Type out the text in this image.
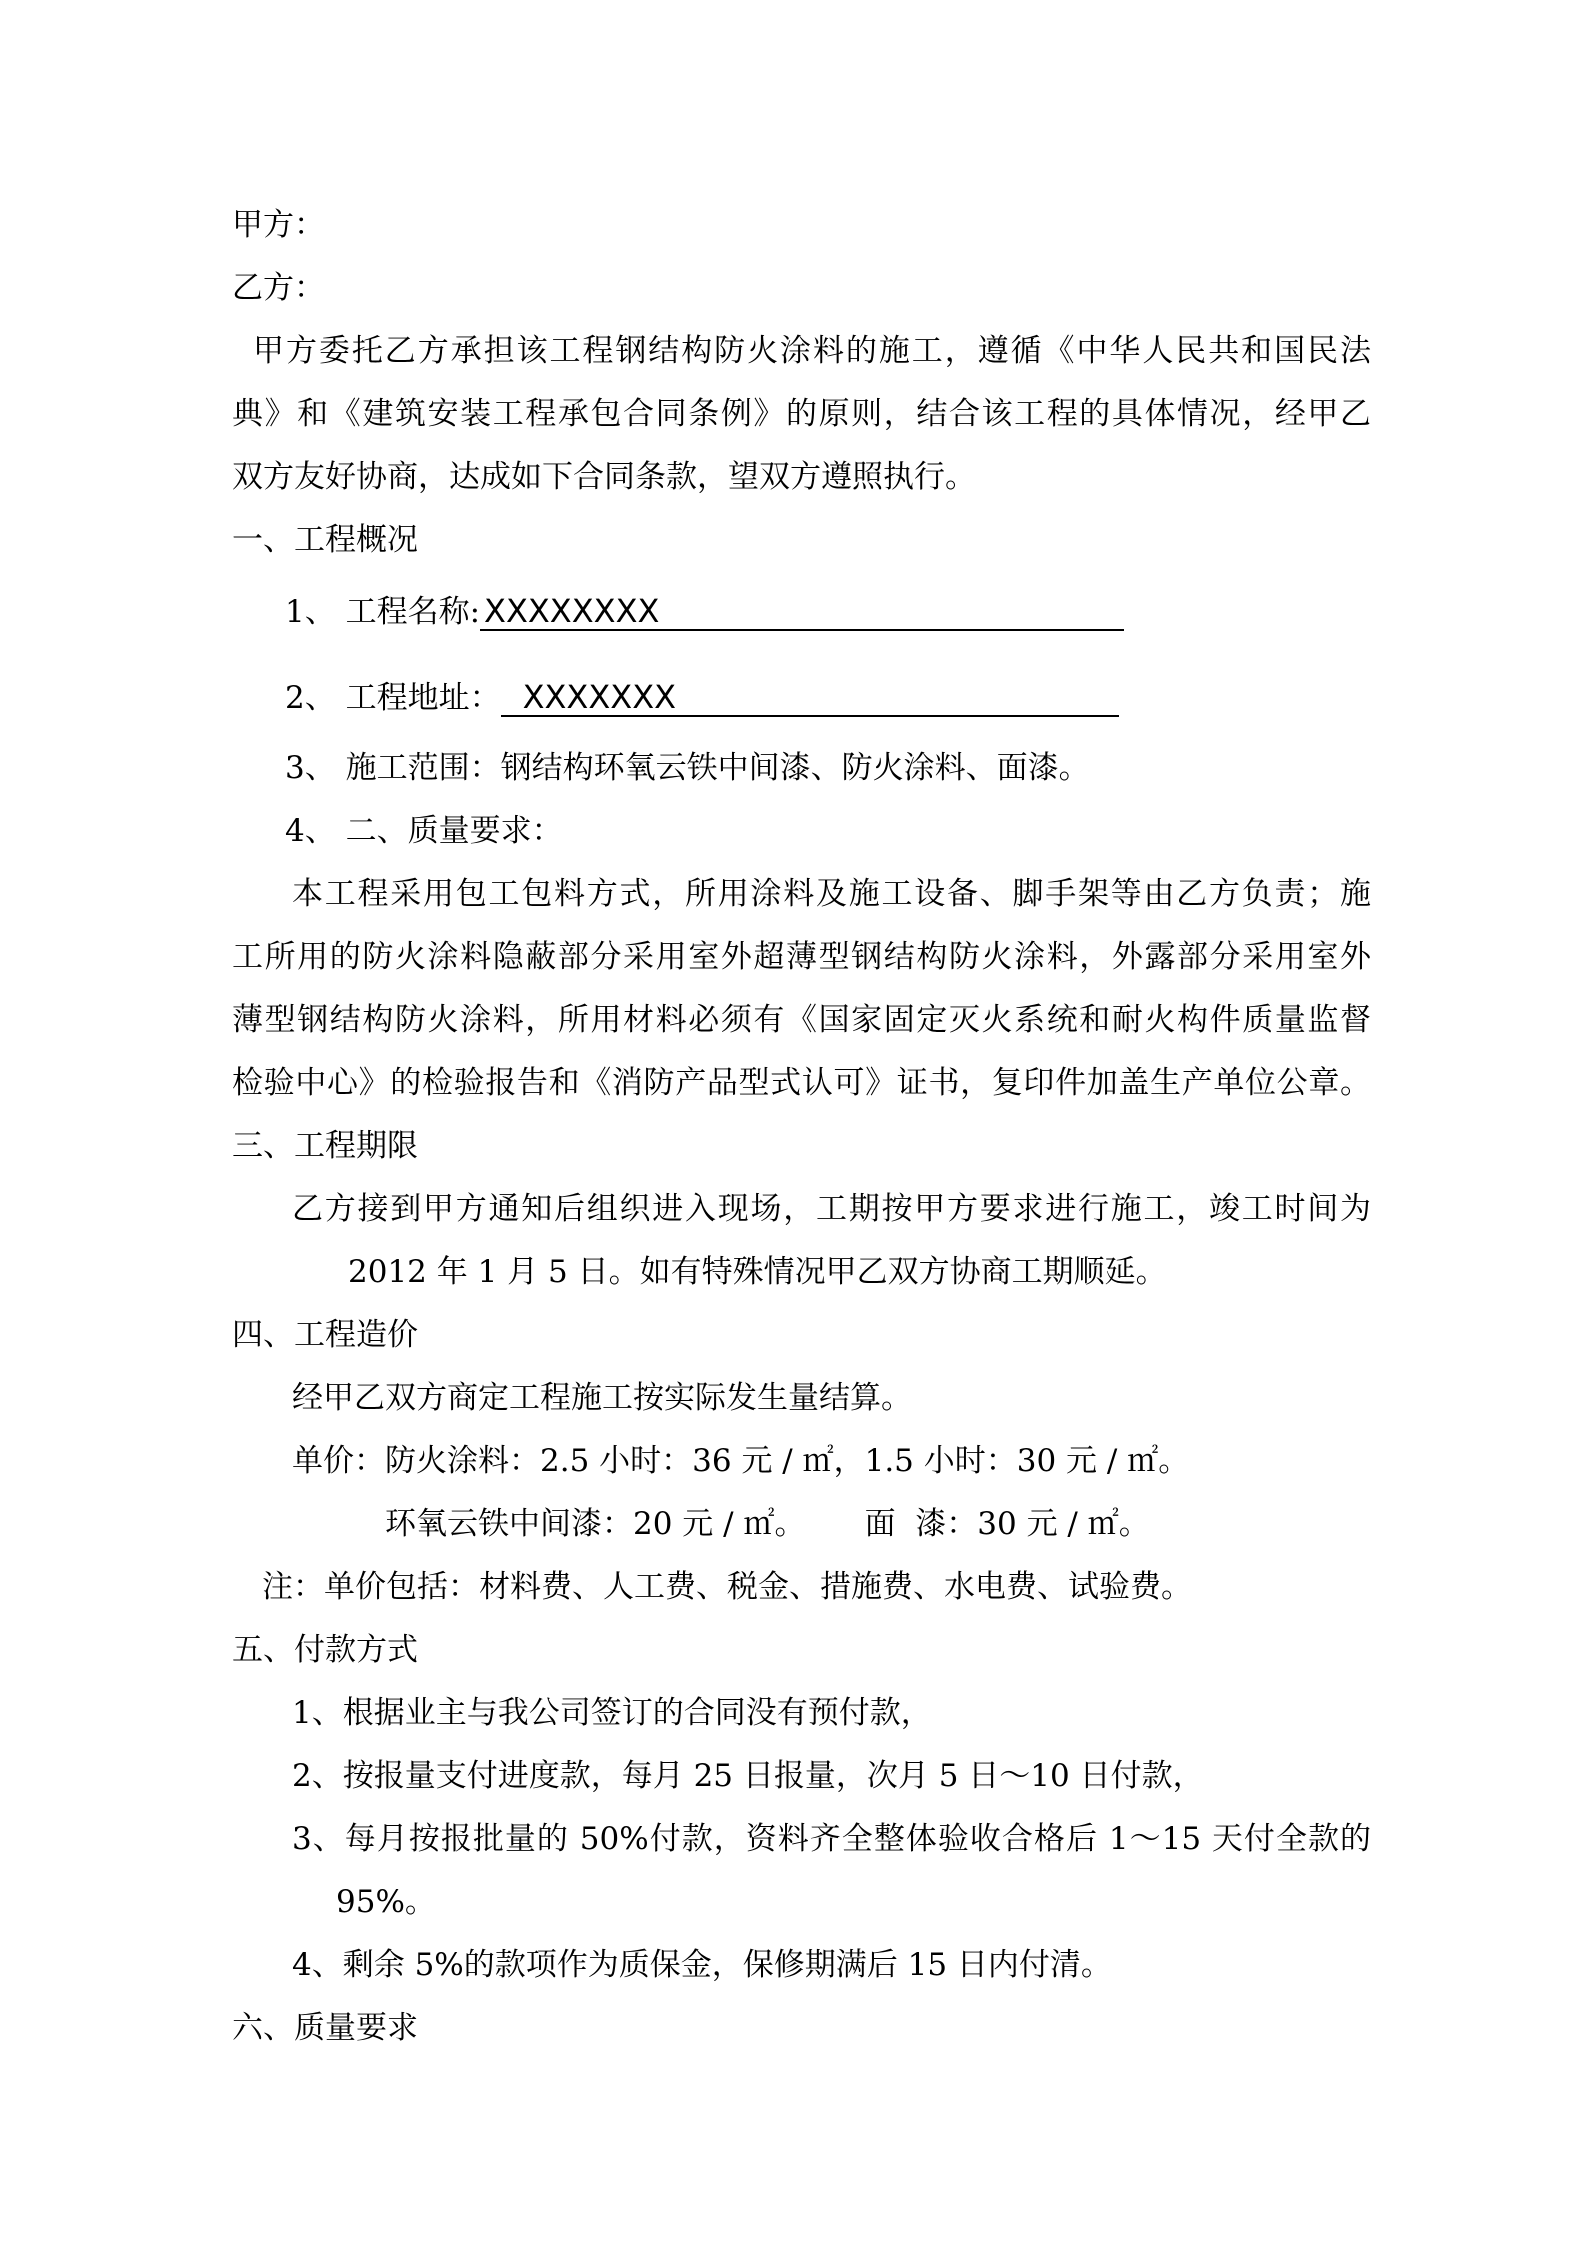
甲方：
乙方：
甲方委托乙方承担该工程钢结构防火涂料的施工，遵循《中华人民共和国民法
典》和《建筑安装工程承包合同条例》的原则，结合该工程的具体情况，经甲乙
双方友好协商，达成如下合同条款，望双方遵照执行。
一、工程概况
1、 工程名称: XXXXXXXX
2、 工程地址： XXXXXXX
3、 施工范围：钢结构环氧云铁中间漆、防火涂料、面漆。
4、 二、质量要求：
本工程采用包工包料方式，所用涂料及施工设备、脚手架等由乙方负责；施
工所用的防火涂料隐蔽部分采用室外超薄型钢结构防火涂料，外露部分采用室外
薄型钢结构防火涂料，所用材料必须有《国家固定灭火系统和耐火构件质量监督
检验中心》的检验报告和《消防产品型式认可》证书，复印件加盖生产单位公章。
三、工程期限
乙方接到甲方通知后组织进入现场，工期按甲方要求进行施工，竣工时间为
2012 年 1 月 5 日。如有特殊情况甲乙双方协商工期顺延。
四、工程造价
经甲乙双方商定工程施工按实际发生量结算。
单价：防火涂料：2.5 小时：36 元 / ㎡，1.5 小时：30 元 / ㎡。
环氧云铁中间漆：20 元 / ㎡。      面  漆：30 元 / ㎡。
注：单价包括：材料费、人工费、税金、措施费、水电费、试验费。
五、付款方式
1、根据业主与我公司签订的合同没有预付款，
2、按报量支付进度款，每月 25 日报量，次月 5 日～10 日付款，
3、每月按报批量的 50%付款，资料齐全整体验收合格后 1～15 天付全款的
95%。
4、剩余 5%的款项作为质保金，保修期满后 15 日内付清。
六、质量要求
